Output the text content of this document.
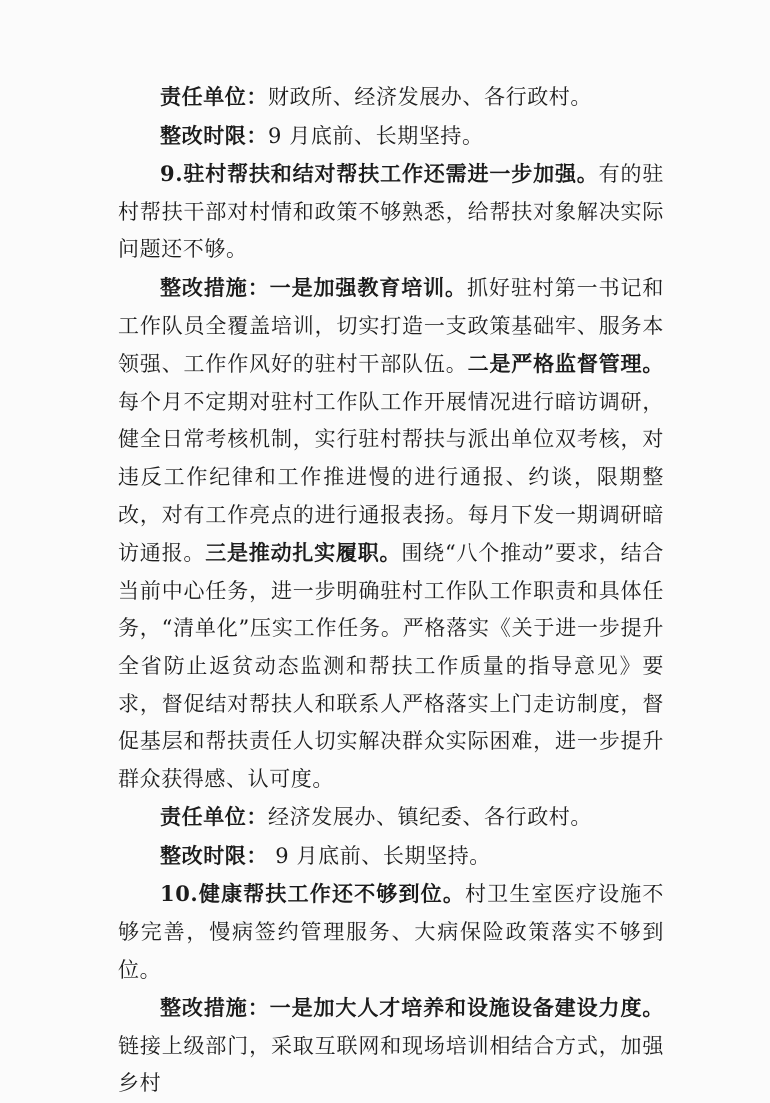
责任单位：财政所、经济发展办、各行政村。

整改时限：9 月底前、长期坚持。

9.驻村帮扶和结对帮扶工作还需进一步加强。有的驻村帮扶干部对村情和政策不够熟悉，给帮扶对象解决实际问题还不够。

整改措施：一是加强教育培训。抓好驻村第一书记和工作队员全覆盖培训，切实打造一支政策基础牢、服务本领强、工作作风好的驻村干部队伍。二是严格监督管理。每个月不定期对驻村工作队工作开展情况进行暗访调研，健全日常考核机制，实行驻村帮扶与派出单位双考核，对违反工作纪律和工作推进慢的进行通报、约谈，限期整改，对有工作亮点的进行通报表扬。每月下发一期调研暗访通报。三是推动扎实履职。围绕“八个推动”要求，结合当前中心任务，进一步明确驻村工作队工作职责和具体任务，“清单化”压实工作任务。严格落实《关于进一步提升全省防止返贫动态监测和帮扶工作质量的指导意见》要求，督促结对帮扶人和联系人严格落实上门走访制度，督促基层和帮扶责任人切实解决群众实际困难，进一步提升群众获得感、认可度。

责任单位：经济发展办、镇纪委、各行政村。

整改时限： 9 月底前、长期坚持。

10.健康帮扶工作还不够到位。村卫生室医疗设施不够完善，慢病签约管理服务、大病保险政策落实不够到位。

整改措施：一是加大人才培养和设施设备建设力度。链接上级部门，采取互联网和现场培训相结合方式，加强乡村
